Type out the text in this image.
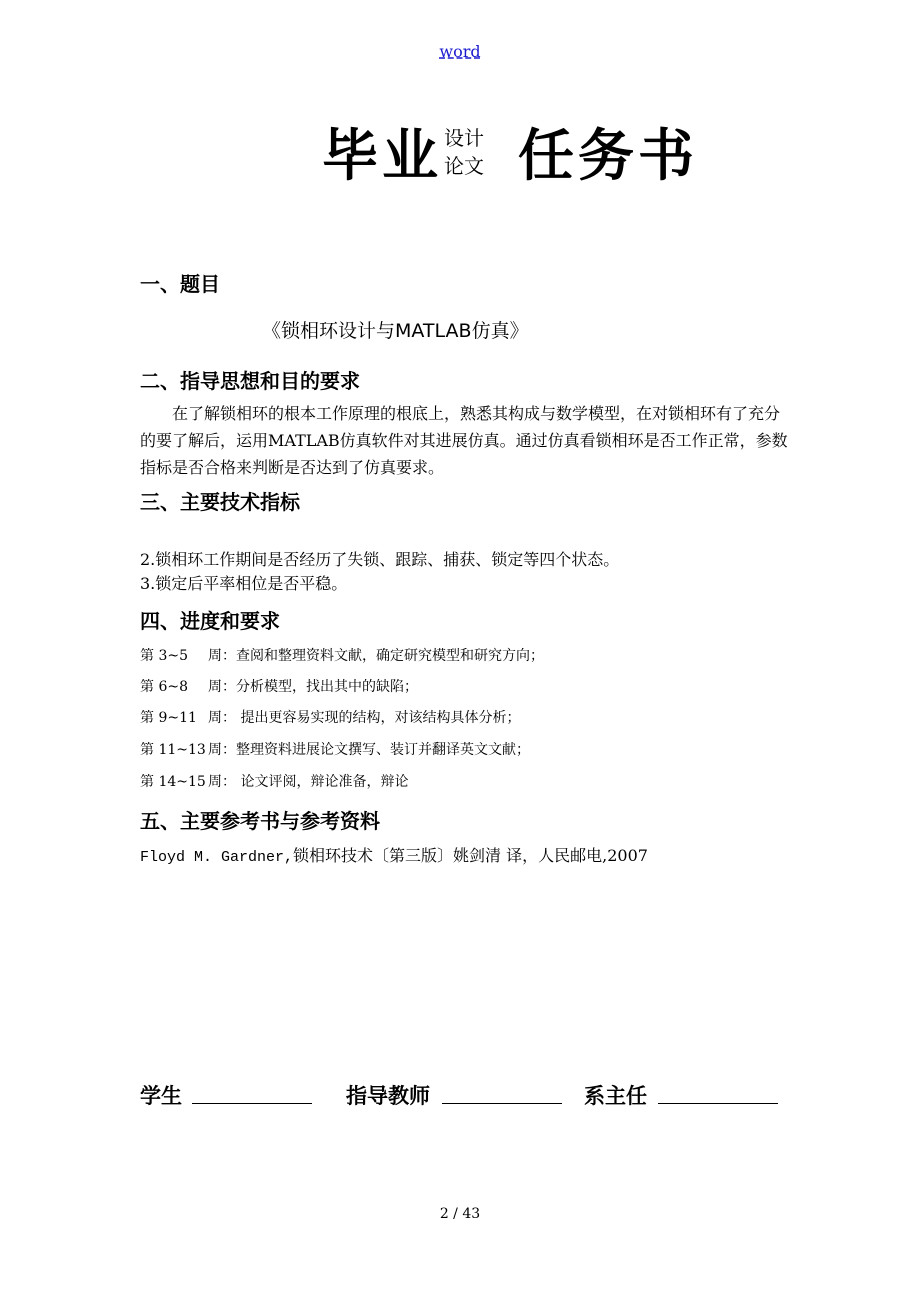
word
毕业 设计
论文 任务书
一、题目
《锁相环设计与MATLAB仿真》
二、指导思想和目的要求
在了解锁相环的根本工作原理的根底上，熟悉其构成与数学模型，在对锁相环有了充分的要了解后，运用MATLAB仿真软件对其进展仿真。通过仿真看锁相环是否工作正常，参数指标是否合格来判断是否达到了仿真要求。
三、主要技术指标
2.锁相环工作期间是否经历了失锁、跟踪、捕获、锁定等四个状态。
3.锁定后平率相位是否平稳。
四、进度和要求
第 3~5 周：查阅和整理资料文献，确定研究模型和研究方向；
第 6~8 周：分析模型，找出其中的缺陷；
第 9~11 周： 提出更容易实现的结构，对该结构具体分析；
第 11~13 周：整理资料进展论文撰写、装订并翻译英文文献；
第 14~15 周： 论文评阅，辩论准备，辩论
五、主要参考书与参考资料
Floyd M. Gardner,锁相环技术〔第三版〕姚剑清 译，人民邮电,2007
学生	指导教师	系主任
2 / 43
